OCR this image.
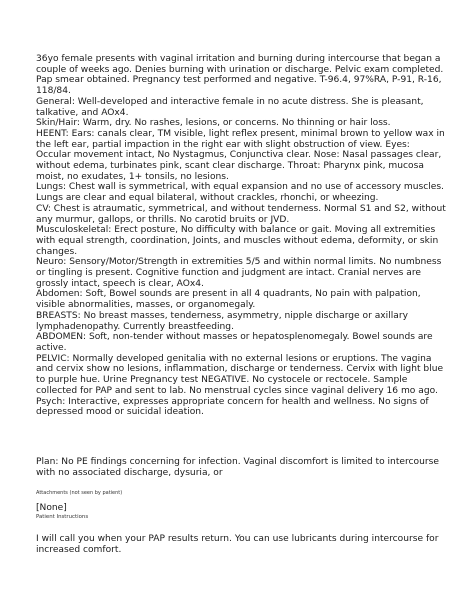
36yo female presents with vaginal irritation and burning during intercourse that began a couple of weeks ago. Denies burning with urination or discharge. Pelvic exam completed. Pap smear obtained. Pregnancy test performed and negative. T-96.4, 97%RA, P-91, R-16, 118/84.

General: Well-developed and interactive female in no acute distress. She is pleasant, talkative, and AOx4.

Skin/Hair: Warm, dry. No rashes, lesions, or concerns. No thinning or hair loss.

HEENT: Ears: canals clear, TM visible, light reflex present, minimal brown to yellow wax in the left ear, partial impaction in the right ear with slight obstruction of view. Eyes: Occular movement intact, No Nystagmus, Conjunctiva clear. Nose: Nasal passages clear, without edema, turbinates pink, scant clear discharge. Throat: Pharynx pink, mucosa moist, no exudates, 1+ tonsils, no lesions.

Lungs: Chest wall is symmetrical, with equal expansion and no use of accessory muscles. Lungs are clear and equal bilateral, without crackles, rhonchi, or wheezing.

CV: Chest is atraumatic, symmetrical, and without tenderness. Normal S1 and S2, without any murmur, gallops, or thrills. No carotid bruits or JVD.

Musculoskeletal: Erect posture, No difficulty with balance or gait. Moving all extremities with equal strength, coordination, Joints, and muscles without edema, deformity, or skin changes.

Neuro: Sensory/Motor/Strength in extremities 5/5 and within normal limits. No numbness or tingling is present. Cognitive function and judgment are intact. Cranial nerves are grossly intact, speech is clear, AOx4.

Abdomen: Soft, Bowel sounds are present in all 4 quadrants, No pain with palpation, visible abnormalities, masses, or organomegaly.

BREASTS: No breast masses, tenderness, asymmetry, nipple discharge or axillary lymphadenopathy. Currently breastfeeding.

ABDOMEN: Soft, non-tender without masses or hepatosplenomegaly. Bowel sounds are active.

PELVIC: Normally developed genitalia with no external lesions or eruptions. The vagina and cervix show no lesions, inflammation, discharge or tenderness. Cervix with light blue to purple hue. Urine Pregnancy test NEGATIVE. No cystocele or rectocele. Sample collected for PAP and sent to lab. No menstrual cycles since vaginal delivery 16 mo ago.

Psych: Interactive, expresses appropriate concern for health and wellness. No signs of depressed mood or suicidal ideation.

Plan: No PE findings concerning for infection. Vaginal discomfort is limited to intercourse with no associated discharge, dysuria, or

Attachments (not seen by patient)
[None]
Patient Instructions

I will call you when your PAP results return. You can use lubricants during intercourse for increased comfort.
